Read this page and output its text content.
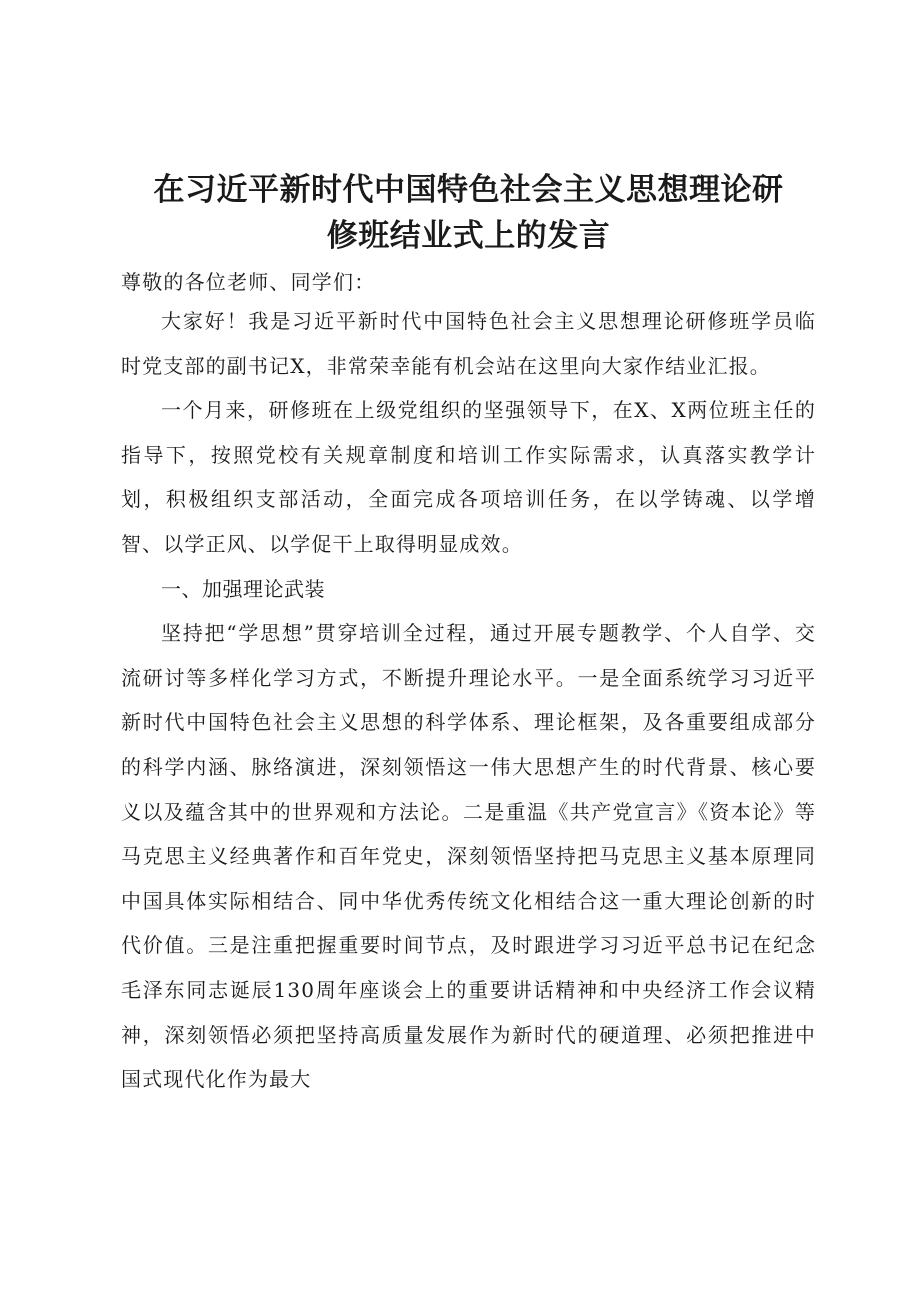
在习近平新时代中国特色社会主义思想理论研
修班结业式上的发言

尊敬的各位老师、同学们：

大家好！我是习近平新时代中国特色社会主义思想理论研修班学员临时党支部的副书记X，非常荣幸能有机会站在这里向大家作结业汇报。

一个月来，研修班在上级党组织的坚强领导下，在X、X两位班主任的指导下，按照党校有关规章制度和培训工作实际需求，认真落实教学计划，积极组织支部活动，全面完成各项培训任务，在以学铸魂、以学增智、以学正风、以学促干上取得明显成效。

一、加强理论武装

坚持把“学思想”贯穿培训全过程，通过开展专题教学、个人自学、交流研讨等多样化学习方式，不断提升理论水平。一是全面系统学习习近平新时代中国特色社会主义思想的科学体系、理论框架，及各重要组成部分的科学内涵、脉络演进，深刻领悟这一伟大思想产生的时代背景、核心要义以及蕴含其中的世界观和方法论。二是重温《共产党宣言》《资本论》等马克思主义经典著作和百年党史，深刻领悟坚持把马克思主义基本原理同中国具体实际相结合、同中华优秀传统文化相结合这一重大理论创新的时代价值。三是注重把握重要时间节点，及时跟进学习习近平总书记在纪念毛泽东同志诞辰130周年座谈会上的重要讲话精神和中央经济工作会议精神，深刻领悟必须把坚持高质量发展作为新时代的硬道理、必须把推进中国式现代化作为最大
